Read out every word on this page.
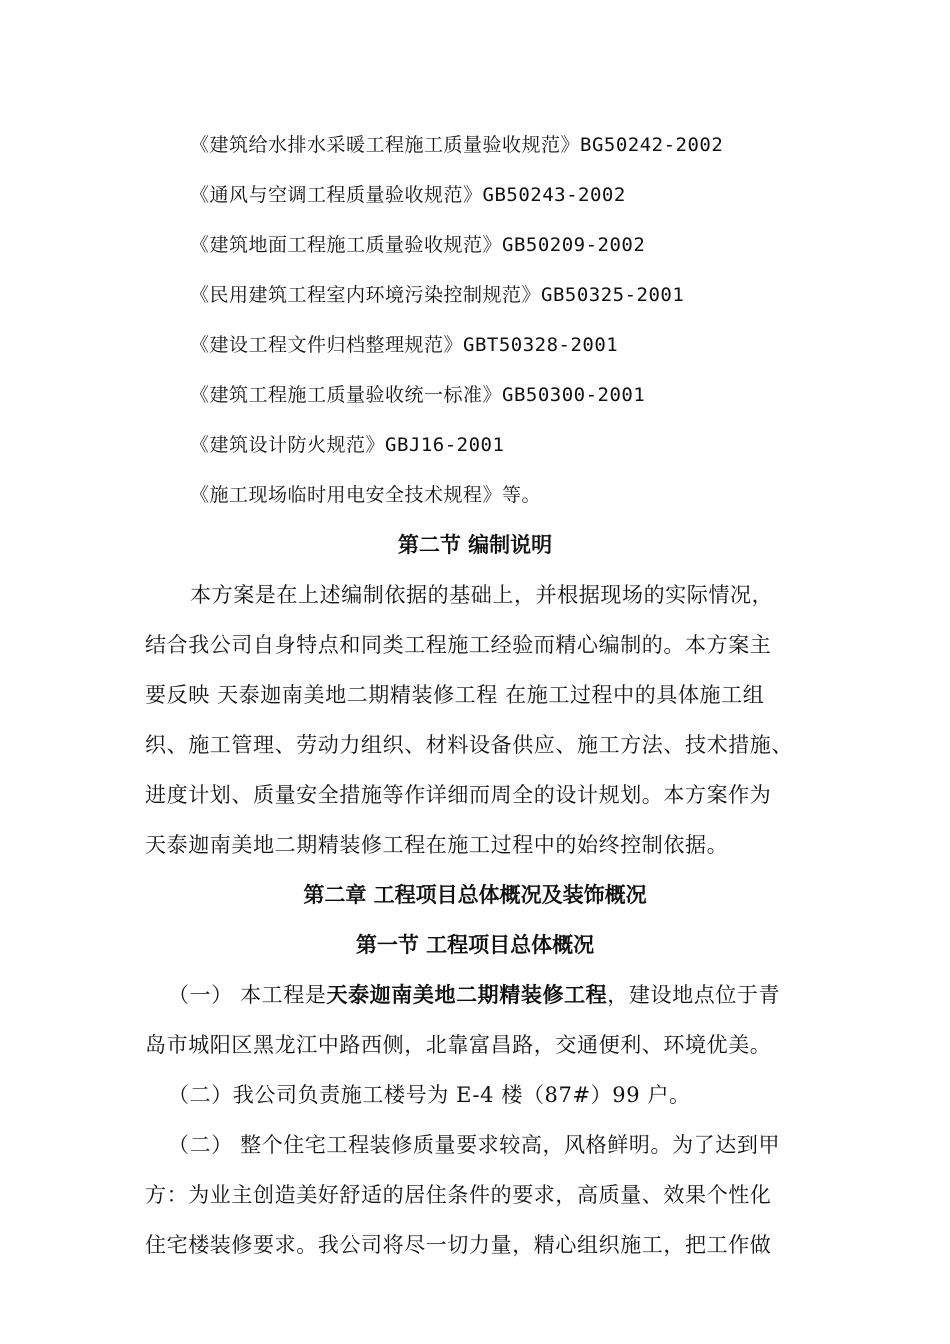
《建筑给水排水采暖工程施工质量验收规范》BG50242-2002
《通风与空调工程质量验收规范》GB50243-2002
《建筑地面工程施工质量验收规范》GB50209-2002
《民用建筑工程室内环境污染控制规范》GB50325-2001
《建设工程文件归档整理规范》GBT50328-2001
《建筑工程施工质量验收统一标准》GB50300-2001
《建筑设计防火规范》GBJ16-2001
《施工现场临时用电安全技术规程》等。
第二节 编制说明
本方案是在上述编制依据的基础上，并根据现场的实际情况，
结合我公司自身特点和同类工程施工经验而精心编制的。本方案主
要反映 天泰迦南美地二期精装修工程 在施工过程中的具体施工组
织、施工管理、劳动力组织、材料设备供应、施工方法、技术措施、
进度计划、质量安全措施等作详细而周全的设计规划。本方案作为
天泰迦南美地二期精装修工程在施工过程中的始终控制依据。
第二章 工程项目总体概况及装饰概况
第一节 工程项目总体概况
（一） 本工程是天泰迦南美地二期精装修工程，建设地点位于青
岛市城阳区黑龙江中路西侧，北靠富昌路，交通便利、环境优美。
（二）我公司负责施工楼号为 E-4 楼（87#）99 户。
（二） 整个住宅工程装修质量要求较高，风格鲜明。为了达到甲
方：为业主创造美好舒适的居住条件的要求，高质量、效果个性化
住宅楼装修要求。我公司将尽一切力量，精心组织施工，把工作做
